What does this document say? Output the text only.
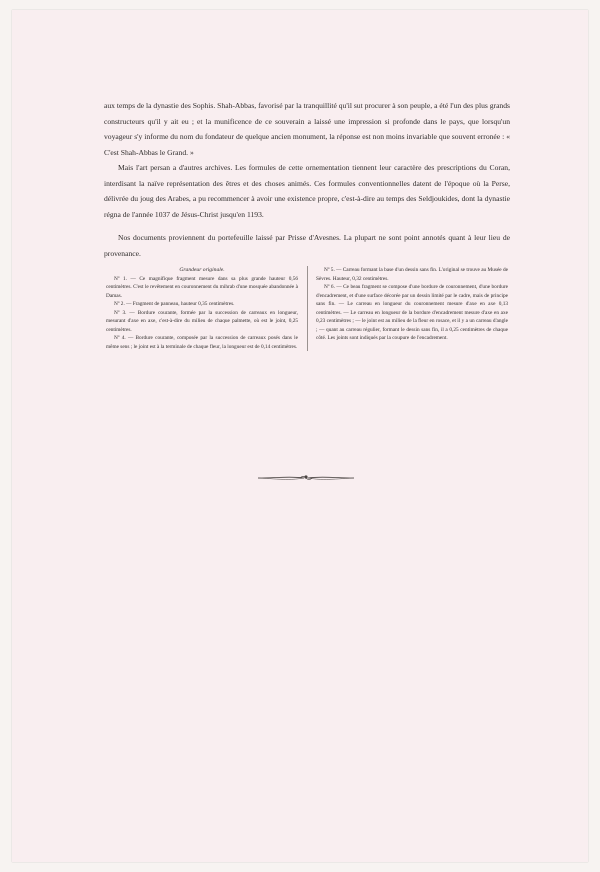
aux temps de la dynastie des Sophis. Shah-Abbas, favorisé par la tranquillité qu'il sut procurer à son peuple, a été l'un des plus grands constructeurs qu'il y ait eu ; et la munificence de ce souverain a laissé une impression si profonde dans le pays, que lorsqu'un voyageur s'y informe du nom du fondateur de quelque ancien monument, la réponse est non moins invariable que souvent erronée : « C'est Shah-Abbas le Grand. »

Mais l'art persan a d'autres archives. Les formules de cette ornementation tiennent leur caractère des prescriptions du Coran, interdisant la naïve représentation des êtres et des choses animés. Ces formules conventionnelles datent de l'époque où la Perse, délivrée du joug des Arabes, a pu recommencer à avoir une existence propre, c'est-à-dire au temps des Seldjoukides, dont la dynastie régna de l'année 1037 de Jésus-Christ jusqu'en 1193.

Nos documents proviennent du portefeuille laissé par Prisse d'Avesnes. La plupart ne sont point annotés quant à leur lieu de provenance.

Grandeur originale.

Nº 1. — Ce magnifique fragment mesure dans sa plus grande hauteur 0,56 centimètres. C'est le revêtement en couronnement du mihrab d'une mosquée abandonnée à Damas.

Nº 2. — Fragment de panneau, hauteur 0,35 centimètres.

Nº 3. — Bordure courante, formée par la succession de carreaux en longueur, mesurant d'axe en axe, c'est-à-dire du milieu de chaque palmette, où est le joint, 0,25 centimètres.

Nº 4. — Bordure courante, composée par la succession de carreaux posés dans le même sens ; le joint est à la terminale de chaque fleur, la longueur est de 0,14 centimètres.

Nº 5. — Carreau formant la base d'un dessin sans fin. L'original se trouve au Musée de Sèvres. Hauteur, 0,32 centimètres.

Nº 6. — Ce beau fragment se compose d'une bordure de couronnement, d'une bordure d'encadrement, et d'une surface décorée par un dessin limité par le cadre, mais de principe sans fin. — Le carreau en longueur du couronnement mesure d'axe en axe 0,13 centimètres. — Le carreau en longueur de la bordure d'encadrement mesure d'axe en axe 0,23 centimètres ; — le joint est au milieu de la fleur en rosace, et il y a un carreau d'angle ; — quant au carreau régulier, formant le dessin sans fin, il a 0,25 centimètres de chaque côté. Les joints sont indiqués par la coupure de l'encadrement.
